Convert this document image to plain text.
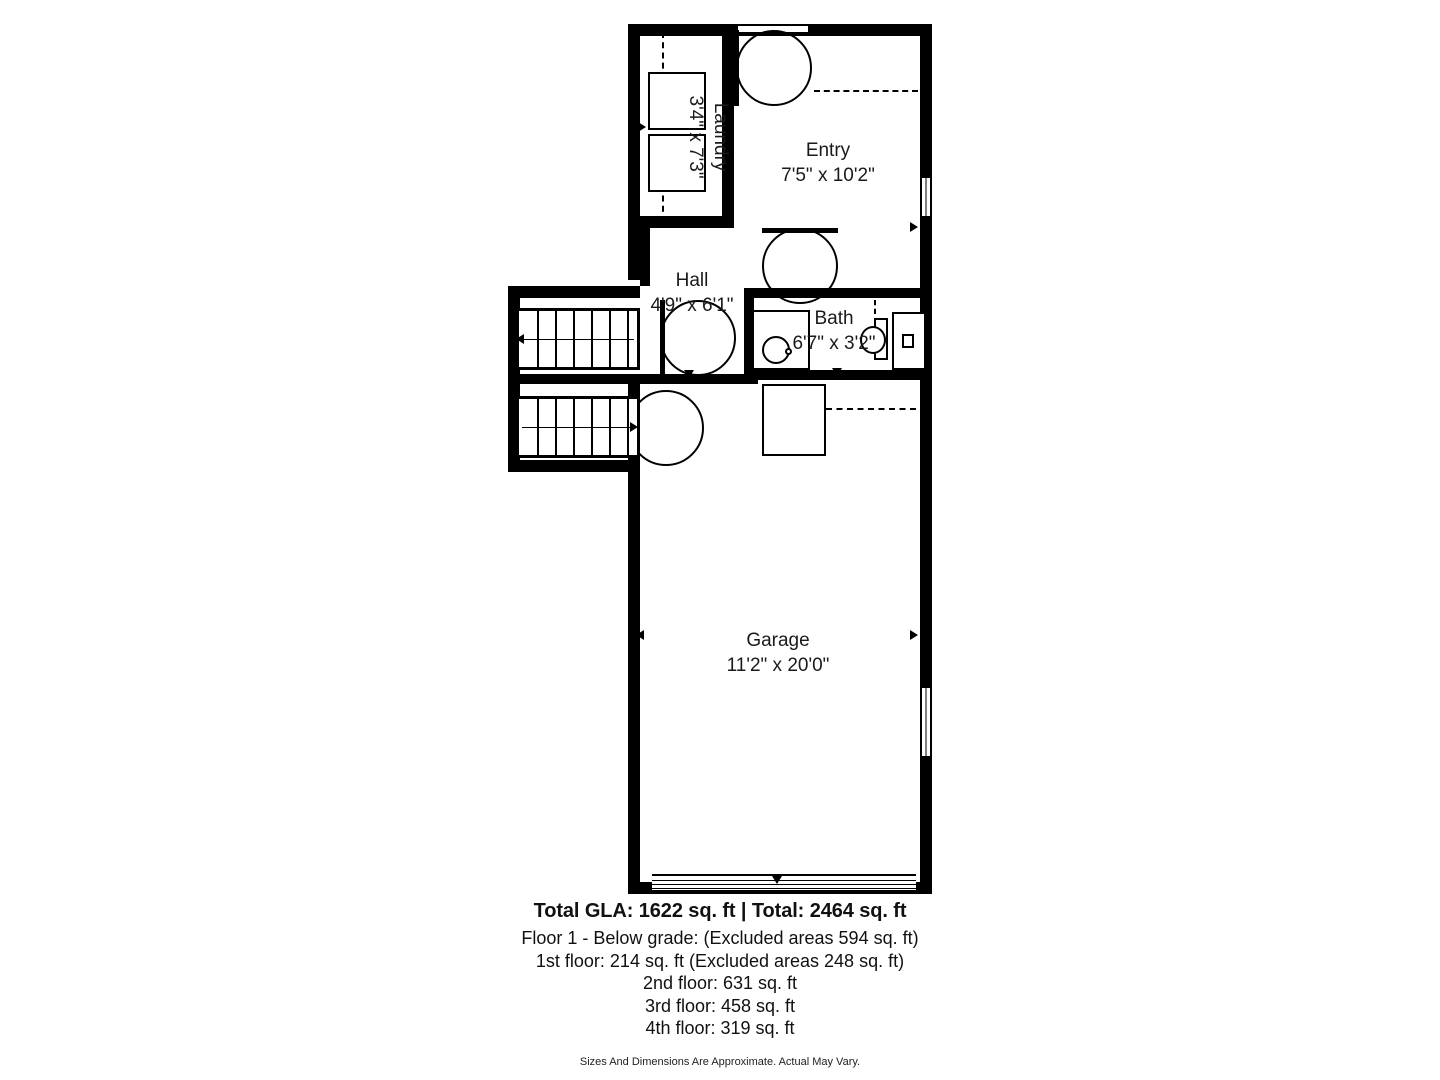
Laundry
3'4" x 7'3"	Entry
7'5" x 10'2"
Hall
4'9" x 6'1"
Bath
6'7" x 3'2"
Garage
11'2" x 20'0"
Total GLA: 1622 sq. ft | Total: 2464 sq. ft
Floor 1 - Below grade: (Excluded areas 594 sq. ft)
1st floor: 214 sq. ft (Excluded areas 248 sq. ft)
2nd floor: 631 sq. ft
3rd floor: 458 sq. ft
4th floor: 319 sq. ft
Sizes And Dimensions Are Approximate. Actual May Vary.
